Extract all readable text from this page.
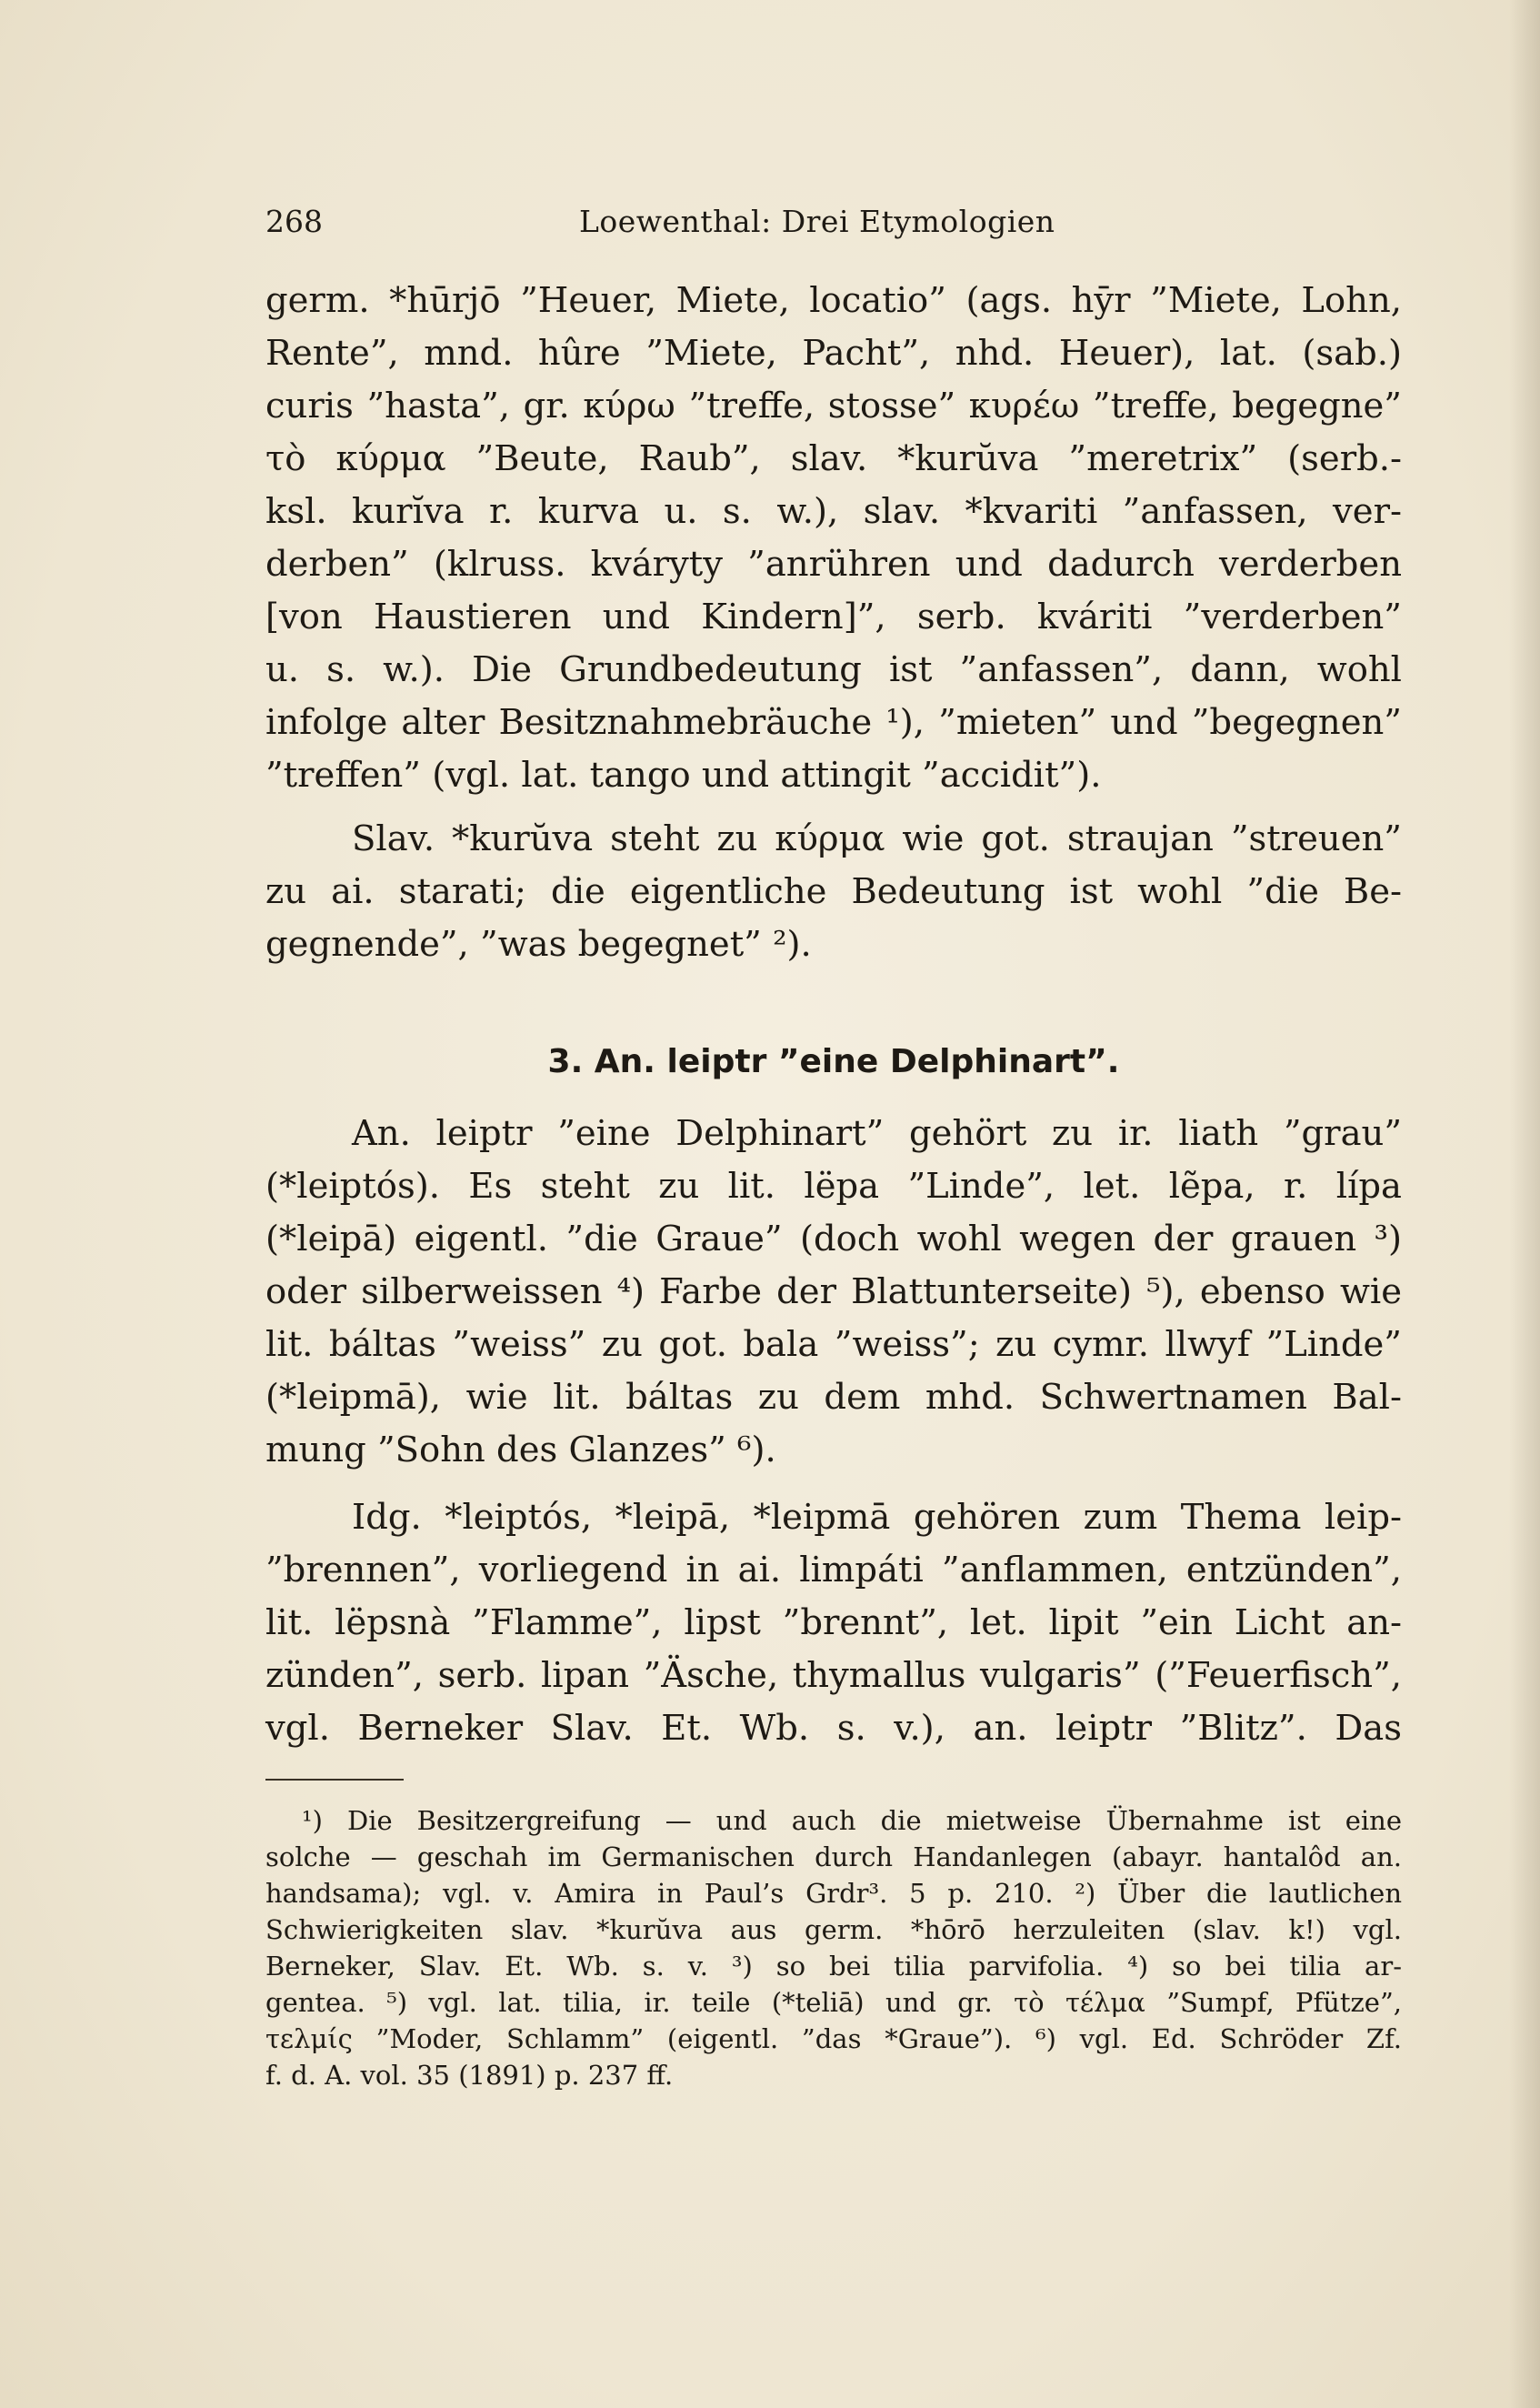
268	Loewenthal: Drei Etymologien
germ. *hūrjō ”Heuer, Miete, locatio” (ags. hȳr ”Miete, Lohn,
Rente”, mnd. hûre ”Miete, Pacht”, nhd. Heuer), lat. (sab.)
curis ”hasta”, gr. κύρω ”treffe, stosse” κυρέω ”treffe, begegne”
τὸ κύρμα ”Beute, Raub”, slav. *kurŭva ”meretrix” (serb.-
ksl. kurĭva r. kurva u. s. w.), slav. *kvariti ”anfassen, ver-
derben” (klruss. kváryty ”anrühren und dadurch verderben
[von Haustieren und Kindern]”, serb. kváriti ”verderben”
u. s. w.). Die Grundbedeutung ist ”anfassen”, dann, wohl
infolge alter Besitznahmebräuche ¹), ”mieten” und ”begegnen”
”treffen” (vgl. lat. tango und attingit ”accidit”).
Slav. *kurŭva steht zu κύρμα wie got. straujan ”streuen”
zu ai. starati; die eigentliche Bedeutung ist wohl ”die Be-
gegnende”, ”was begegnet” ²).
3. An. leiptr ”eine Delphinart”.
An. leiptr ”eine Delphinart” gehört zu ir. liath ”grau”
(*leiptós). Es steht zu lit. lëpa ”Linde”, let. lẽpa, r. lípa
(*leipā) eigentl. ”die Graue” (doch wohl wegen der grauen ³)
oder silberweissen ⁴) Farbe der Blattunterseite) ⁵), ebenso wie
lit. báltas ”weiss” zu got. bala ”weiss”; zu cymr. llwyf ”Linde”
(*leipmā), wie lit. báltas zu dem mhd. Schwertnamen Bal-
mung ”Sohn des Glanzes” ⁶).
Idg. *leiptós, *leipā, *leipmā gehören zum Thema leip-
”brennen”, vorliegend in ai. limpáti ”anflammen, entzünden”,
lit. lëpsnà ”Flamme”, lipst ”brennt”, let. lipit ”ein Licht an-
zünden”, serb. lipan ”Äsche, thymallus vulgaris” (”Feuerfisch”,
vgl. Berneker Slav. Et. Wb. s. v.), an. leiptr ”Blitz”. Das
¹) Die Besitzergreifung — und auch die mietweise Übernahme ist eine
solche — geschah im Germanischen durch Handanlegen (abayr. hantalôd an.
handsama); vgl. v. Amira in Paul’s Grdr³. 5 p. 210. ²) Über die lautlichen
Schwierigkeiten slav. *kurŭva aus germ. *hōrō herzuleiten (slav. k!) vgl.
Berneker, Slav. Et. Wb. s. v. ³) so bei tilia parvifolia. ⁴) so bei tilia ar-
gentea. ⁵) vgl. lat. tilia, ir. teile (*teliā) und gr. τὸ τέλμα ”Sumpf, Pfütze”,
τελμίς ”Moder, Schlamm” (eigentl. ”das *Graue”). ⁶) vgl. Ed. Schröder Zf.
f. d. A. vol. 35 (1891) p. 237 ff.
